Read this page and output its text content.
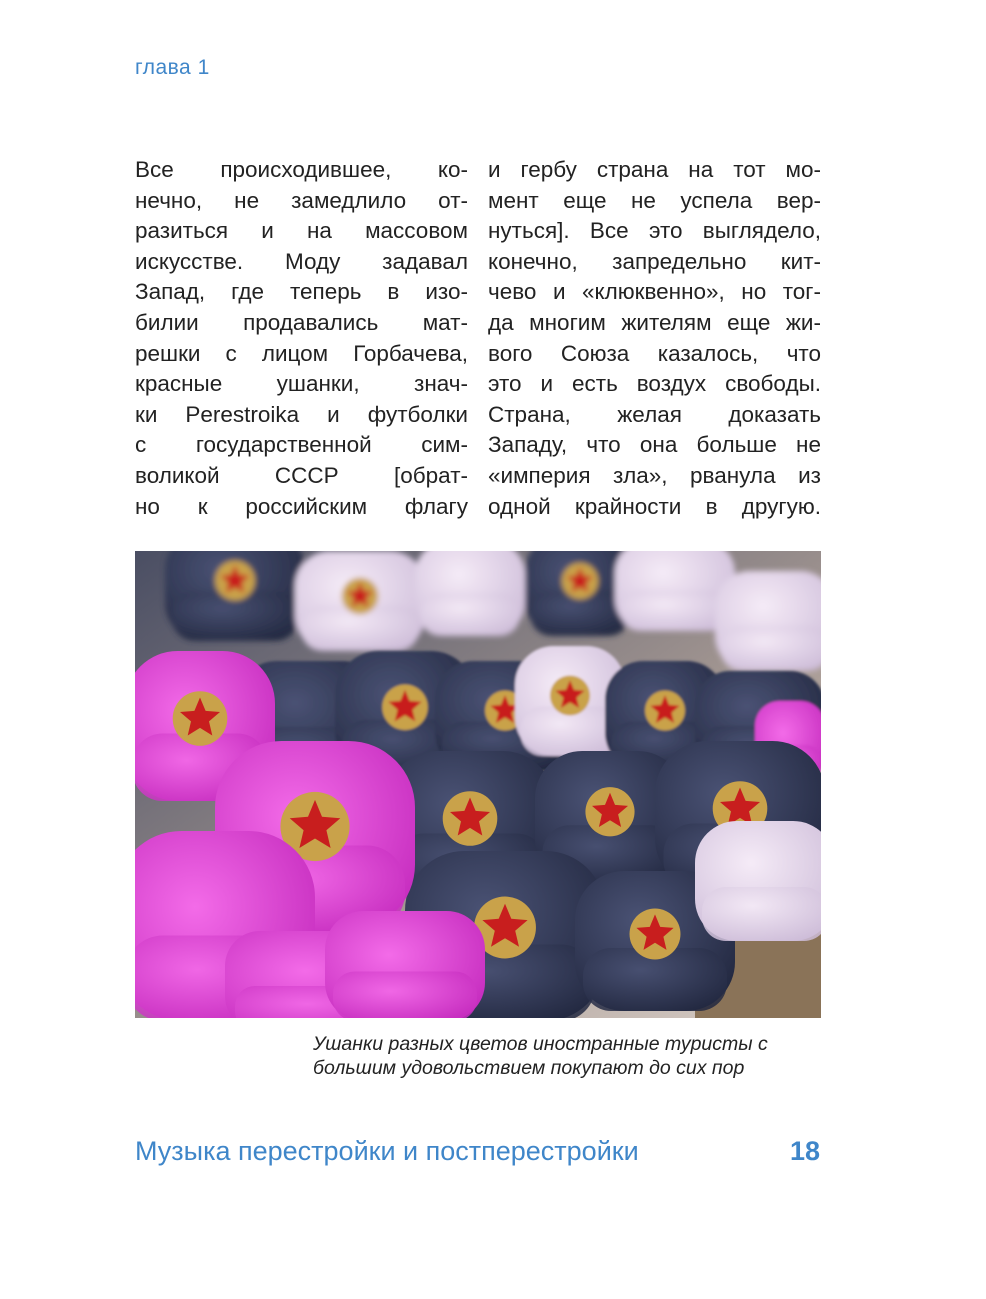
глава 1
Все происходившее, ко-
нечно, не замедлило от-
разиться и на массовом
искусстве. Моду задавал
Запад, где теперь в изо-
билии продавались мат-
решки с лицом Горбачева,
красные ушанки, знач-
ки Perestroika и футболки
с государственной сим-
воликой СССР [обрат-
но к российским флагу
и гербу страна на тот мо-
мент еще не успела вер-
нуться]. Все это выглядело,
конечно, запредельно кит-
чево и «клюквенно», но тог-
да многим жителям еще жи-
вого Союза казалось, что
это и есть воздух свободы.
Страна, желая доказать
Западу, что она больше не
«империя зла», рванула из
одной крайности в другую.
Ушанки разных цветов иностранные туристы с большим удовольствием покупают до сих пор
Музыка перестройки и постперестройки	18
